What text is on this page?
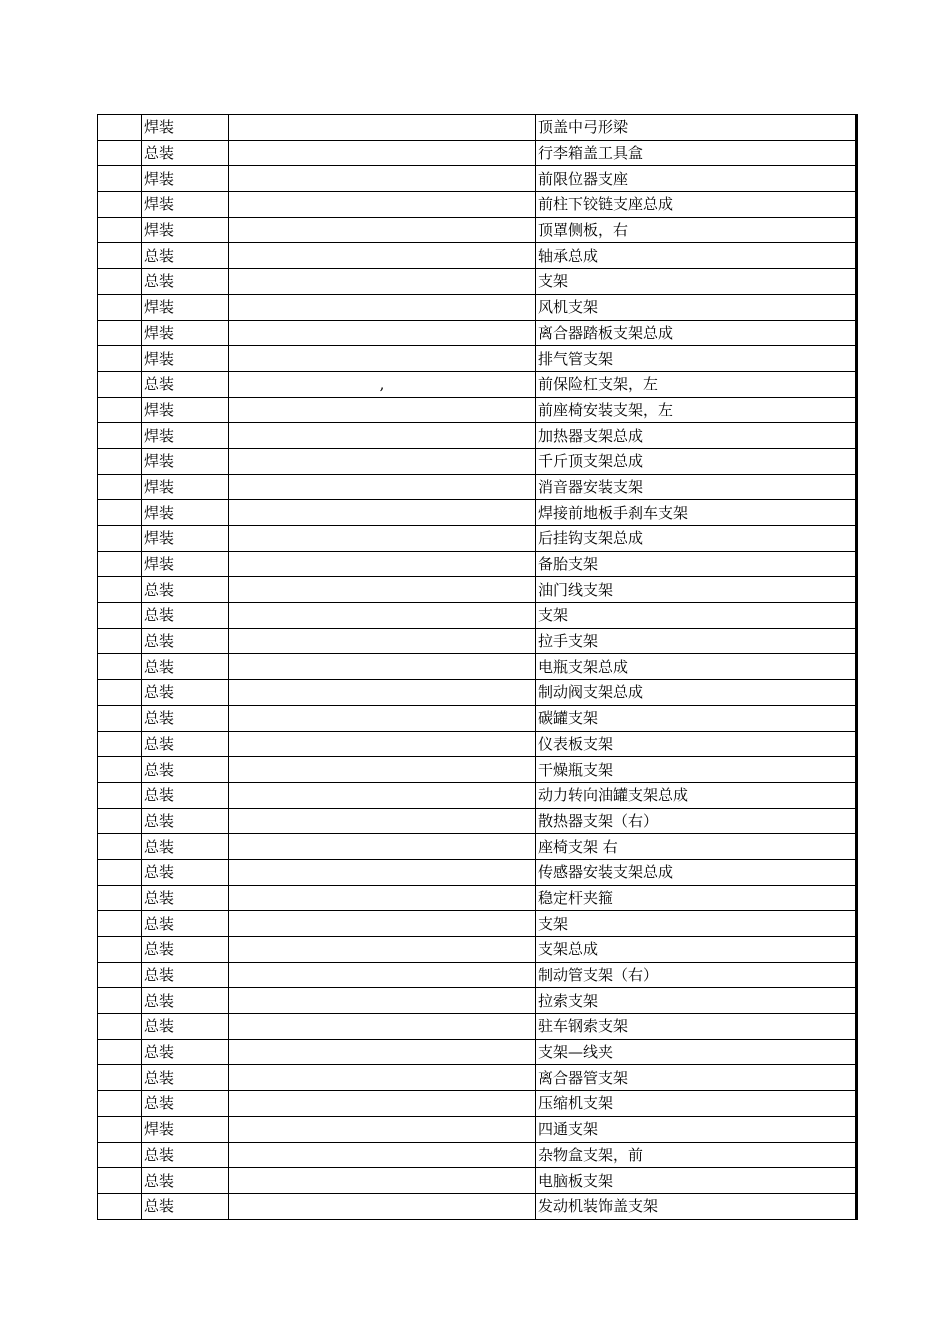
	焊装		顶盖中弓形梁
	总装		行李箱盖工具盒
	焊装		前限位器支座
	焊装		前柱下铰链支座总成
	焊装		顶罩侧板，右
	总装		轴承总成
	总装		支架
	焊装		风机支架
	焊装		离合器踏板支架总成
	焊装		排气管支架
	总装	,	前保险杠支架，左
	焊装		前座椅安装支架，左
	焊装		加热器支架总成
	焊装		千斤顶支架总成
	焊装		消音器安装支架
	焊装		焊接前地板手刹车支架
	焊装		后挂钩支架总成
	焊装		备胎支架
	总装		油门线支架
	总装		支架
	总装		拉手支架
	总装		电瓶支架总成
	总装		制动阀支架总成
	总装		碳罐支架
	总装		仪表板支架
	总装		干燥瓶支架
	总装		动力转向油罐支架总成
	总装		散热器支架（右）
	总装		座椅支架 右
	总装		传感器安装支架总成
	总装		稳定杆夹箍
	总装		支架
	总装		支架总成
	总装		制动管支架（右）
	总装		拉索支架
	总装		驻车钢索支架
	总装		支架—线夹
	总装		离合器管支架
	总装		压缩机支架
	焊装		四通支架
	总装		杂物盒支架，前
	总装		电脑板支架
	总装		发动机装饰盖支架
